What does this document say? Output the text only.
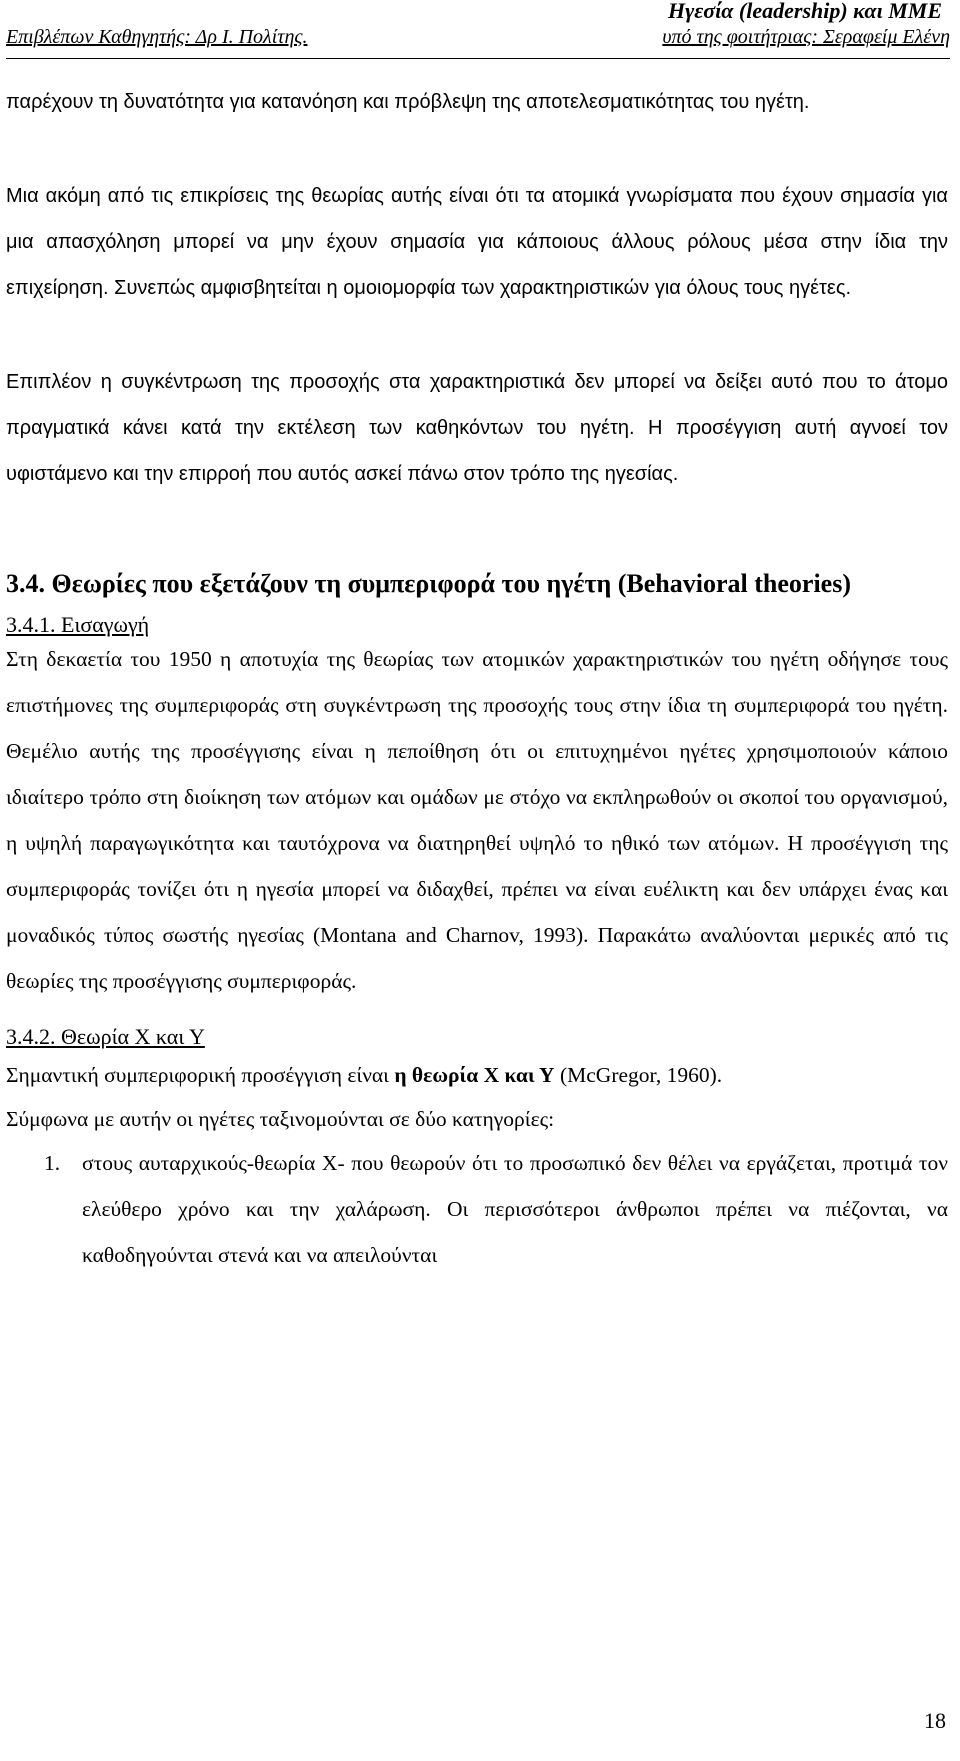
Επιβλέπων Καθηγητής: Δρ Ι. Πολίτης.
Ηγεσία (leadership) και ΜΜΕ
υπό της φοιτήτριας: Σεραφείμ Ελένη

παρέχουν τη δυνατότητα για κατανόηση και πρόβλεψη της αποτελεσματικότητας του ηγέτη.

Μια ακόμη από τις επικρίσεις της θεωρίας αυτής είναι ότι τα ατομικά γνωρίσματα που έχουν σημασία για μια απασχόληση μπορεί να μην έχουν σημασία για κάποιους άλλους ρόλους μέσα στην ίδια την επιχείρηση. Συνεπώς αμφισβητείται η ομοιομορφία των χαρακτηριστικών για όλους τους ηγέτες.

Επιπλέον η συγκέντρωση της προσοχής στα χαρακτηριστικά δεν μπορεί να δείξει αυτό που το άτομο πραγματικά κάνει κατά την εκτέλεση των καθηκόντων του ηγέτη. Η προσέγγιση αυτή αγνοεί τον υφιστάμενο και την επιρροή που αυτός ασκεί πάνω στον τρόπο της ηγεσίας.

3.4. Θεωρίες που εξετάζουν τη συμπεριφορά του ηγέτη (Behavioral theories)
3.4.1. Εισαγωγή

Στη δεκαετία του 1950 η αποτυχία της θεωρίας των ατομικών χαρακτηριστικών του ηγέτη οδήγησε τους επιστήμονες της συμπεριφοράς στη συγκέντρωση της προσοχής τους στην ίδια τη συμπεριφορά του ηγέτη. Θεμέλιο αυτής της προσέγγισης είναι η πεποίθηση ότι οι επιτυχημένοι ηγέτες χρησιμοποιούν κάποιο ιδιαίτερο τρόπο στη διοίκηση των ατόμων και ομάδων με στόχο να εκπληρωθούν οι σκοποί του οργανισμού, η υψηλή παραγωγικότητα και ταυτόχρονα να διατηρηθεί υψηλό το ηθικό των ατόμων. Η προσέγγιση της συμπεριφοράς τονίζει ότι η ηγεσία μπορεί να διδαχθεί, πρέπει να είναι ευέλικτη και δεν υπάρχει ένας και μοναδικός τύπος σωστής ηγεσίας (Montana and Charnov, 1993). Παρακάτω αναλύονται μερικές από τις θεωρίες της προσέγγισης συμπεριφοράς.

3.4.2. Θεωρία Χ και Υ

Σημαντική συμπεριφορική προσέγγιση είναι η θεωρία Χ και Υ (McGregor, 1960).

Σύμφωνα με αυτήν οι ηγέτες ταξινομούνται σε δύο κατηγορίες:

1. στους αυταρχικούς-θεωρία Χ- που θεωρούν ότι το προσωπικό δεν θέλει να εργάζεται, προτιμά τον ελεύθερο χρόνο και την χαλάρωση. Οι περισσότεροι άνθρωποι πρέπει να πιέζονται, να καθοδηγούνται στενά και να απειλούνται

18
